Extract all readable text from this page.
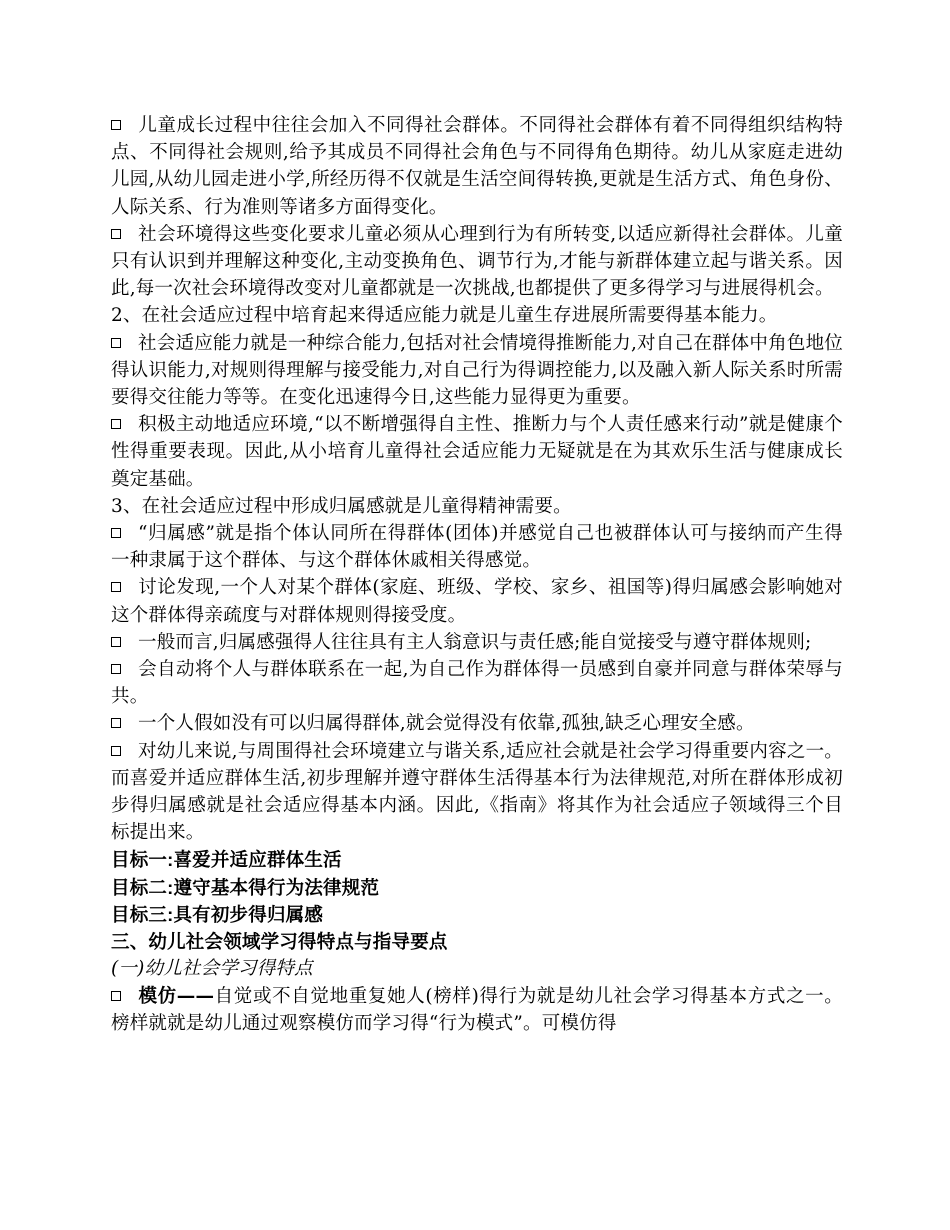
儿童成长过程中往往会加入不同得社会群体。不同得社会群体有着不同得组织结构特点、不同得社会规则,给予其成员不同得社会角色与不同得角色期待。幼儿从家庭走进幼儿园,从幼儿园走进小学,所经历得不仅就是生活空间得转换,更就是生活方式、角色身份、人际关系、行为准则等诸多方面得变化。

社会环境得这些变化要求儿童必须从心理到行为有所转变,以适应新得社会群体。儿童只有认识到并理解这种变化,主动变换角色、调节行为,才能与新群体建立起与谐关系。因此,每一次社会环境得改变对儿童都就是一次挑战,也都提供了更多得学习与进展得机会。

2、在社会适应过程中培育起来得适应能力就是儿童生存进展所需要得基本能力。

社会适应能力就是一种综合能力,包括对社会情境得推断能力,对自己在群体中角色地位得认识能力,对规则得理解与接受能力,对自己行为得调控能力,以及融入新人际关系时所需要得交往能力等等。在变化迅速得今日,这些能力显得更为重要。

积极主动地适应环境,“以不断增强得自主性、推断力与个人责任感来行动”就是健康个性得重要表现。因此,从小培育儿童得社会适应能力无疑就是在为其欢乐生活与健康成长奠定基础。

3、在社会适应过程中形成归属感就是儿童得精神需要。

“归属感”就是指个体认同所在得群体(团体)并感觉自己也被群体认可与接纳而产生得一种隶属于这个群体、与这个群体休戚相关得感觉。

讨论发现,一个人对某个群体(家庭、班级、学校、家乡、祖国等)得归属感会影响她对这个群体得亲疏度与对群体规则得接受度。

一般而言,归属感强得人往往具有主人翁意识与责任感;能自觉接受与遵守群体规则;

会自动将个人与群体联系在一起,为自己作为群体得一员感到自豪并同意与群体荣辱与共。

一个人假如没有可以归属得群体,就会觉得没有依靠,孤独,缺乏心理安全感。

对幼儿来说,与周围得社会环境建立与谐关系,适应社会就是社会学习得重要内容之一。而喜爱并适应群体生活,初步理解并遵守群体生活得基本行为法律规范,对所在群体形成初步得归属感就是社会适应得基本内涵。因此,《指南》将其作为社会适应子领域得三个目标提出来。

目标一:喜爱并适应群体生活

目标二:遵守基本得行为法律规范

目标三:具有初步得归属感

三、幼儿社会领域学习得特点与指导要点

(一)幼儿社会学习得特点

模仿——自觉或不自觉地重复她人(榜样)得行为就是幼儿社会学习得基本方式之一。榜样就就是幼儿通过观察模仿而学习得“行为模式”。可模仿得
